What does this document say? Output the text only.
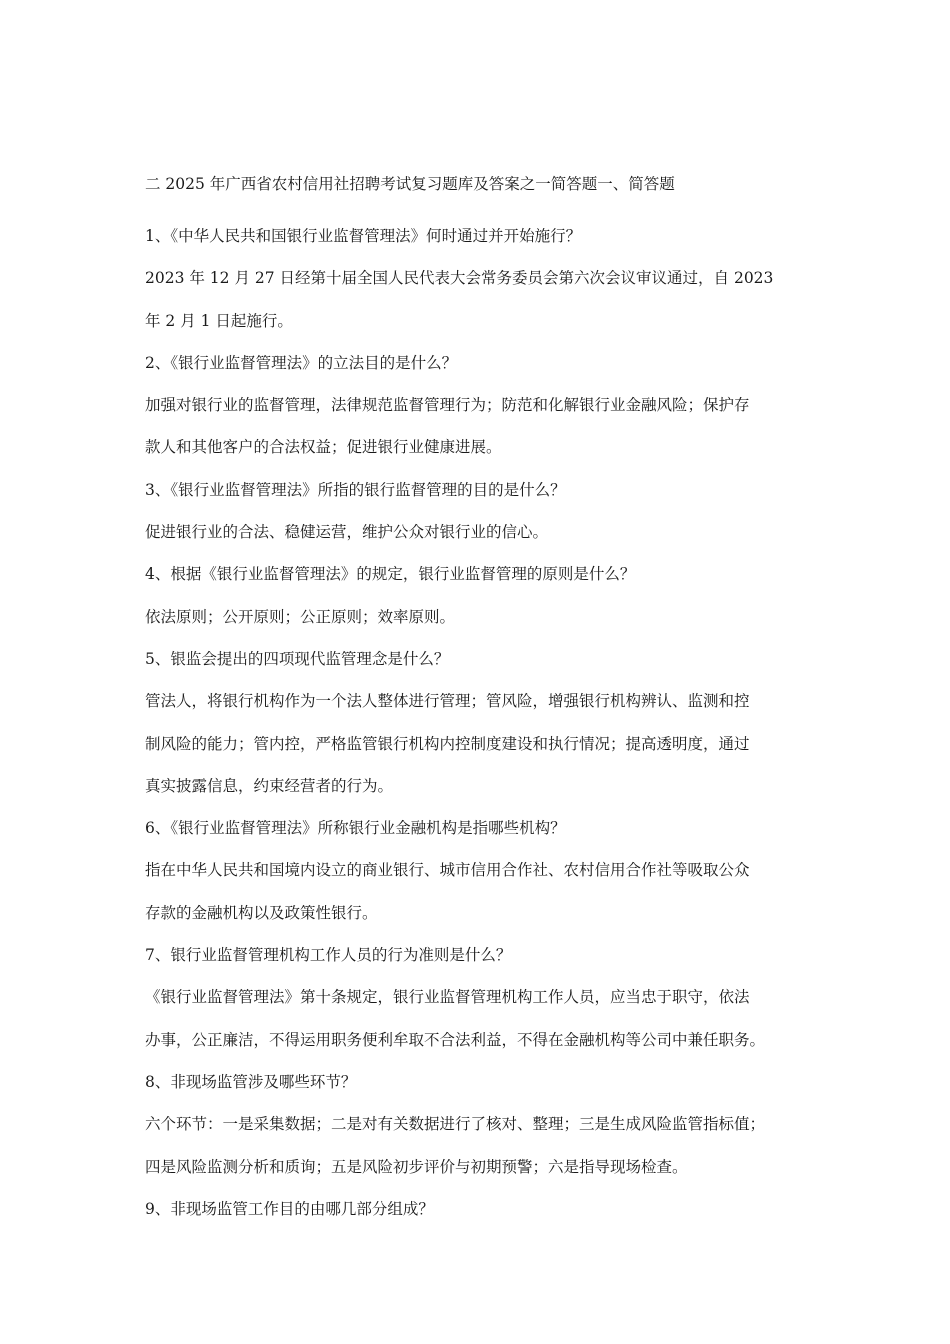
二 2025 年广西省农村信用社招聘考试复习题库及答案之一简答题一、简答题
1、《中华人民共和国银行业监督管理法》何时通过并开始施行？
2023 年 12 月 27 日经第十届全国人民代表大会常务委员会第六次会议审议通过，自 2023
年 2 月 1 日起施行。
2、《银行业监督管理法》的立法目的是什么？
加强对银行业的监督管理，法律规范监督管理行为；防范和化解银行业金融风险；保护存
款人和其他客户的合法权益；促进银行业健康进展。
3、《银行业监督管理法》所指的银行监督管理的目的是什么？
促进银行业的合法、稳健运营，维护公众对银行业的信心。
4、根据《银行业监督管理法》的规定，银行业监督管理的原则是什么？
依法原则；公开原则；公正原则；效率原则。
5、银监会提出的四项现代监管理念是什么？
管法人，将银行机构作为一个法人整体进行管理；管风险，增强银行机构辨认、监测和控
制风险的能力；管内控，严格监管银行机构内控制度建设和执行情况；提高透明度，通过
真实披露信息，约束经营者的行为。
6、《银行业监督管理法》所称银行业金融机构是指哪些机构？
指在中华人民共和国境内设立的商业银行、城市信用合作社、农村信用合作社等吸取公众
存款的金融机构以及政策性银行。
7、银行业监督管理机构工作人员的行为准则是什么？
《银行业监督管理法》第十条规定，银行业监督管理机构工作人员，应当忠于职守，依法
办事，公正廉洁，不得运用职务便利牟取不合法利益，不得在金融机构等公司中兼任职务。
8、非现场监管涉及哪些环节？
六个环节：一是采集数据；二是对有关数据进行了核对、整理；三是生成风险监管指标值；
四是风险监测分析和质询；五是风险初步评价与初期预警；六是指导现场检查。
9、非现场监管工作目的由哪几部分组成？
